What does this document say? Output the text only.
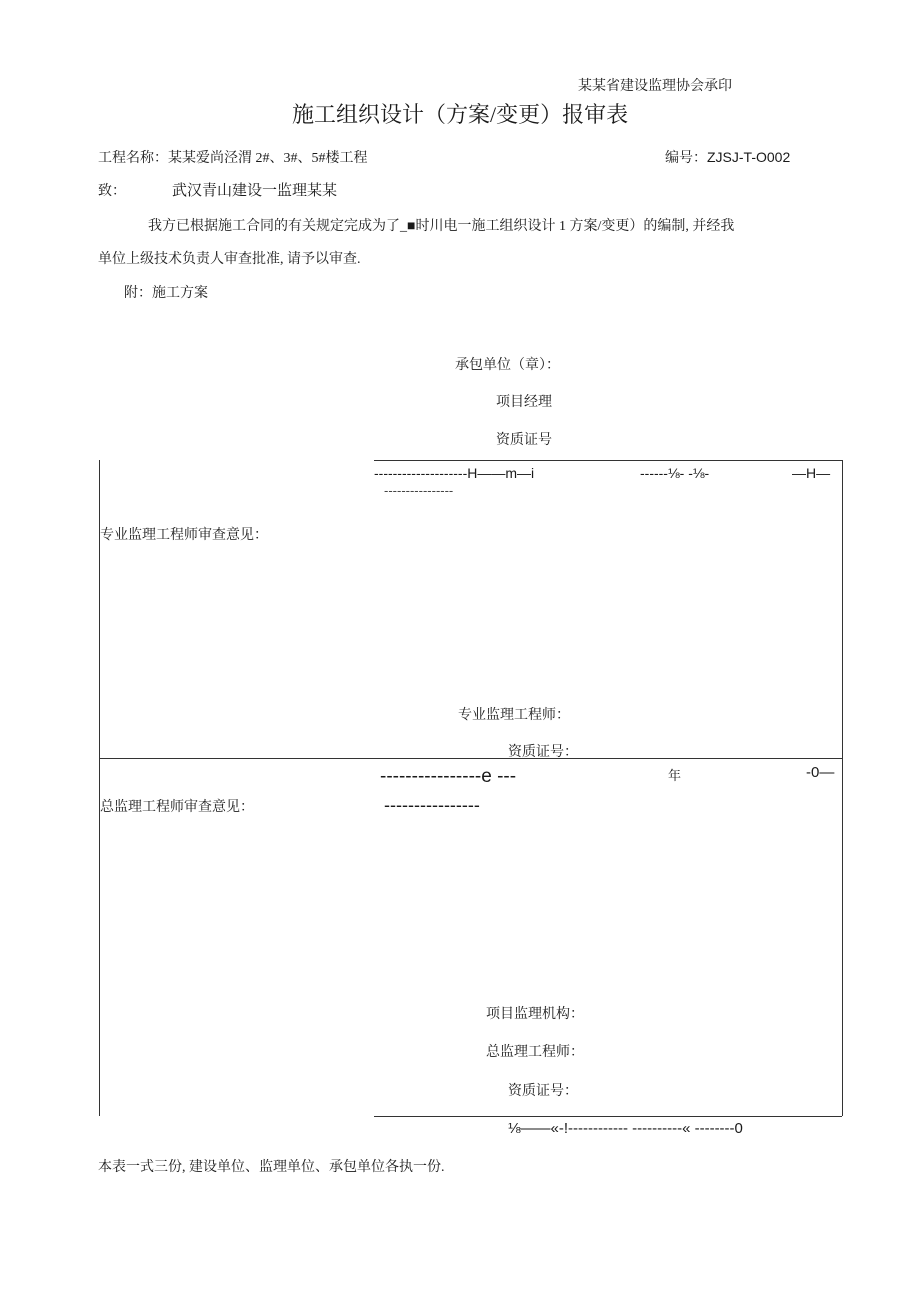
某某省建设监理协会承印
施工组织设计（方案/变更）报审表
工程名称：某某爱尚泾渭 2#、3#、5#楼工程	编号：ZJSJ-T-O002
致：	武汉青山建设一监理某某
我方已根据施工合同的有关规定完成为了_■时川电一施工组织设计 1 方案/变更）的编制, 并经我
单位上级技术负责人审查批准, 请予以审查.
附：施工方案
承包单位（章）：
项目经理
资质证号
--------------------H——m—i
----------------
------⅛- -⅛-	—H—
专业监理工程师审查意见：
专业监理工程师：
资质证号：
----------------e ---
----------------
年	-0—
总监理工程师审查意见：
项目监理机构：
总监理工程师：
资质证号：
⅛——«-!------------ ----------« --------0
本表一式三份, 建设单位、监理单位、承包单位各执一份.
